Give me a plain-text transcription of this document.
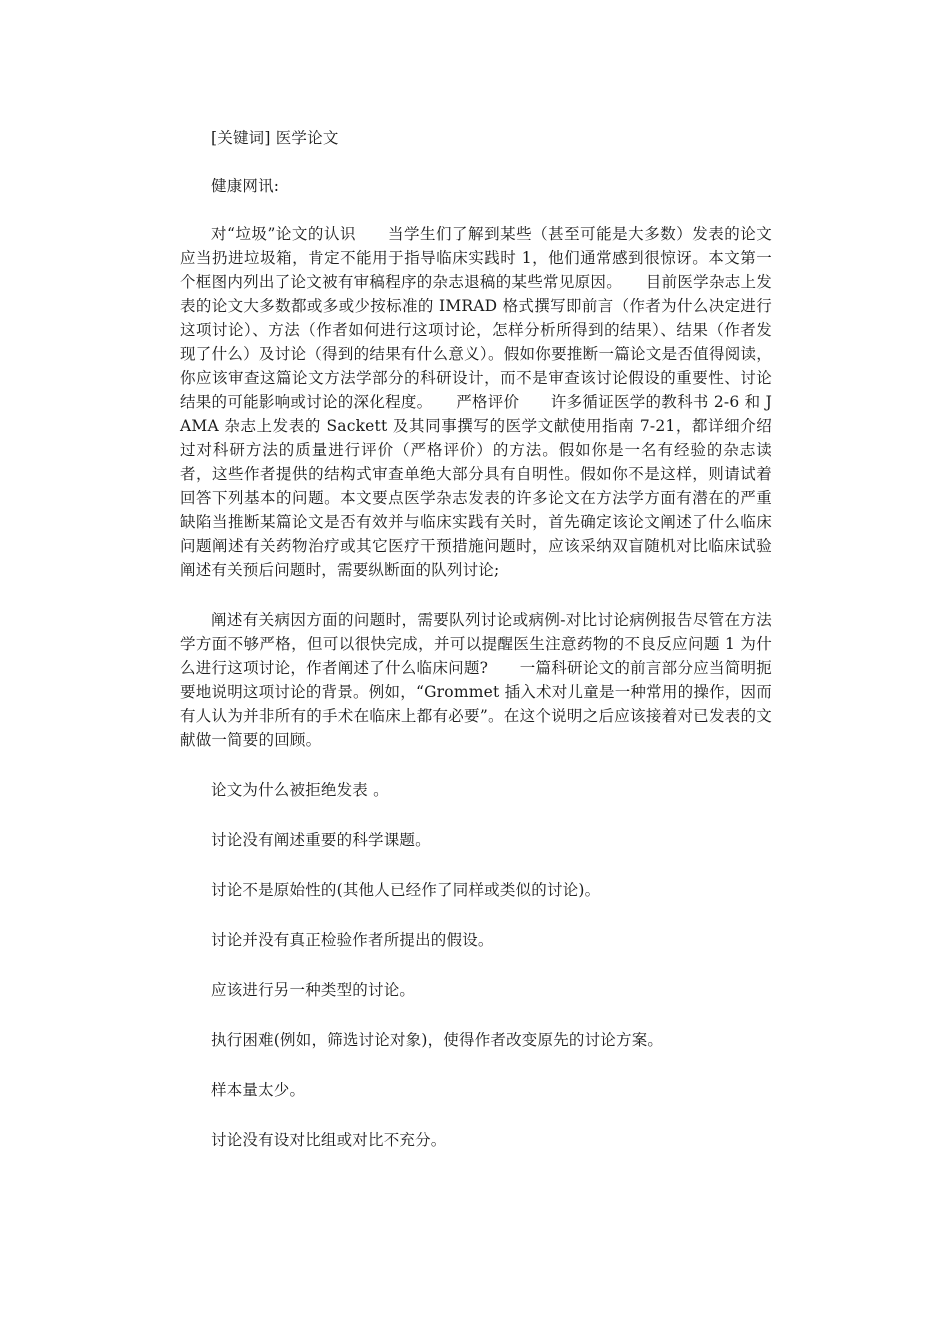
[关键词] 医学论文

健康网讯:

对“垃圾”论文的认识　　当学生们了解到某些（甚至可能是大多数）发表的论文应当扔进垃圾箱，肯定不能用于指导临床实践时 1，他们通常感到很惊讶。本文第一个框图内列出了论文被有审稿程序的杂志退稿的某些常见原因。　　目前医学杂志上发表的论文大多数都或多或少按标准的 IMRAD 格式撰写即前言（作者为什么决定进行这项讨论）、方法（作者如何进行这项讨论，怎样分析所得到的结果）、结果（作者发现了什么）及讨论（得到的结果有什么意义）。假如你要推断一篇论文是否值得阅读，你应该审查这篇论文方法学部分的科研设计，而不是审查该讨论假设的重要性、讨论结果的可能影响或讨论的深化程度。　　严格评价　　许多循证医学的教科书 2-6 和 JAMA 杂志上发表的 Sackett 及其同事撰写的医学文献使用指南 7-21，都详细介绍过对科研方法的质量进行评价（严格评价）的方法。假如你是一名有经验的杂志读者，这些作者提供的结构式审查单绝大部分具有自明性。假如你不是这样，则请试着回答下列基本的问题。本文要点医学杂志发表的许多论文在方法学方面有潜在的严重缺陷当推断某篇论文是否有效并与临床实践有关时，首先确定该论文阐述了什么临床问题阐述有关药物治疗或其它医疗干预措施问题时，应该采纳双盲随机对比临床试验阐述有关预后问题时，需要纵断面的队列讨论;

阐述有关病因方面的问题时，需要队列讨论或病例-对比讨论病例报告尽管在方法学方面不够严格，但可以很快完成，并可以提醒医生注意药物的不良反应问题 1 为什么进行这项讨论，作者阐述了什么临床问题?　　一篇科研论文的前言部分应当简明扼要地说明这项讨论的背景。例如，“Grommet 插入术对儿童是一种常用的操作，因而有人认为并非所有的手术在临床上都有必要”。在这个说明之后应该接着对已发表的文献做一简要的回顾。

论文为什么被拒绝发表 。

讨论没有阐述重要的科学课题。

讨论不是原始性的(其他人已经作了同样或类似的讨论)。

讨论并没有真正检验作者所提出的假设。

应该进行另一种类型的讨论。

执行困难(例如，筛选讨论对象)，使得作者改变原先的讨论方案。

样本量太少。

讨论没有设对比组或对比不充分。
